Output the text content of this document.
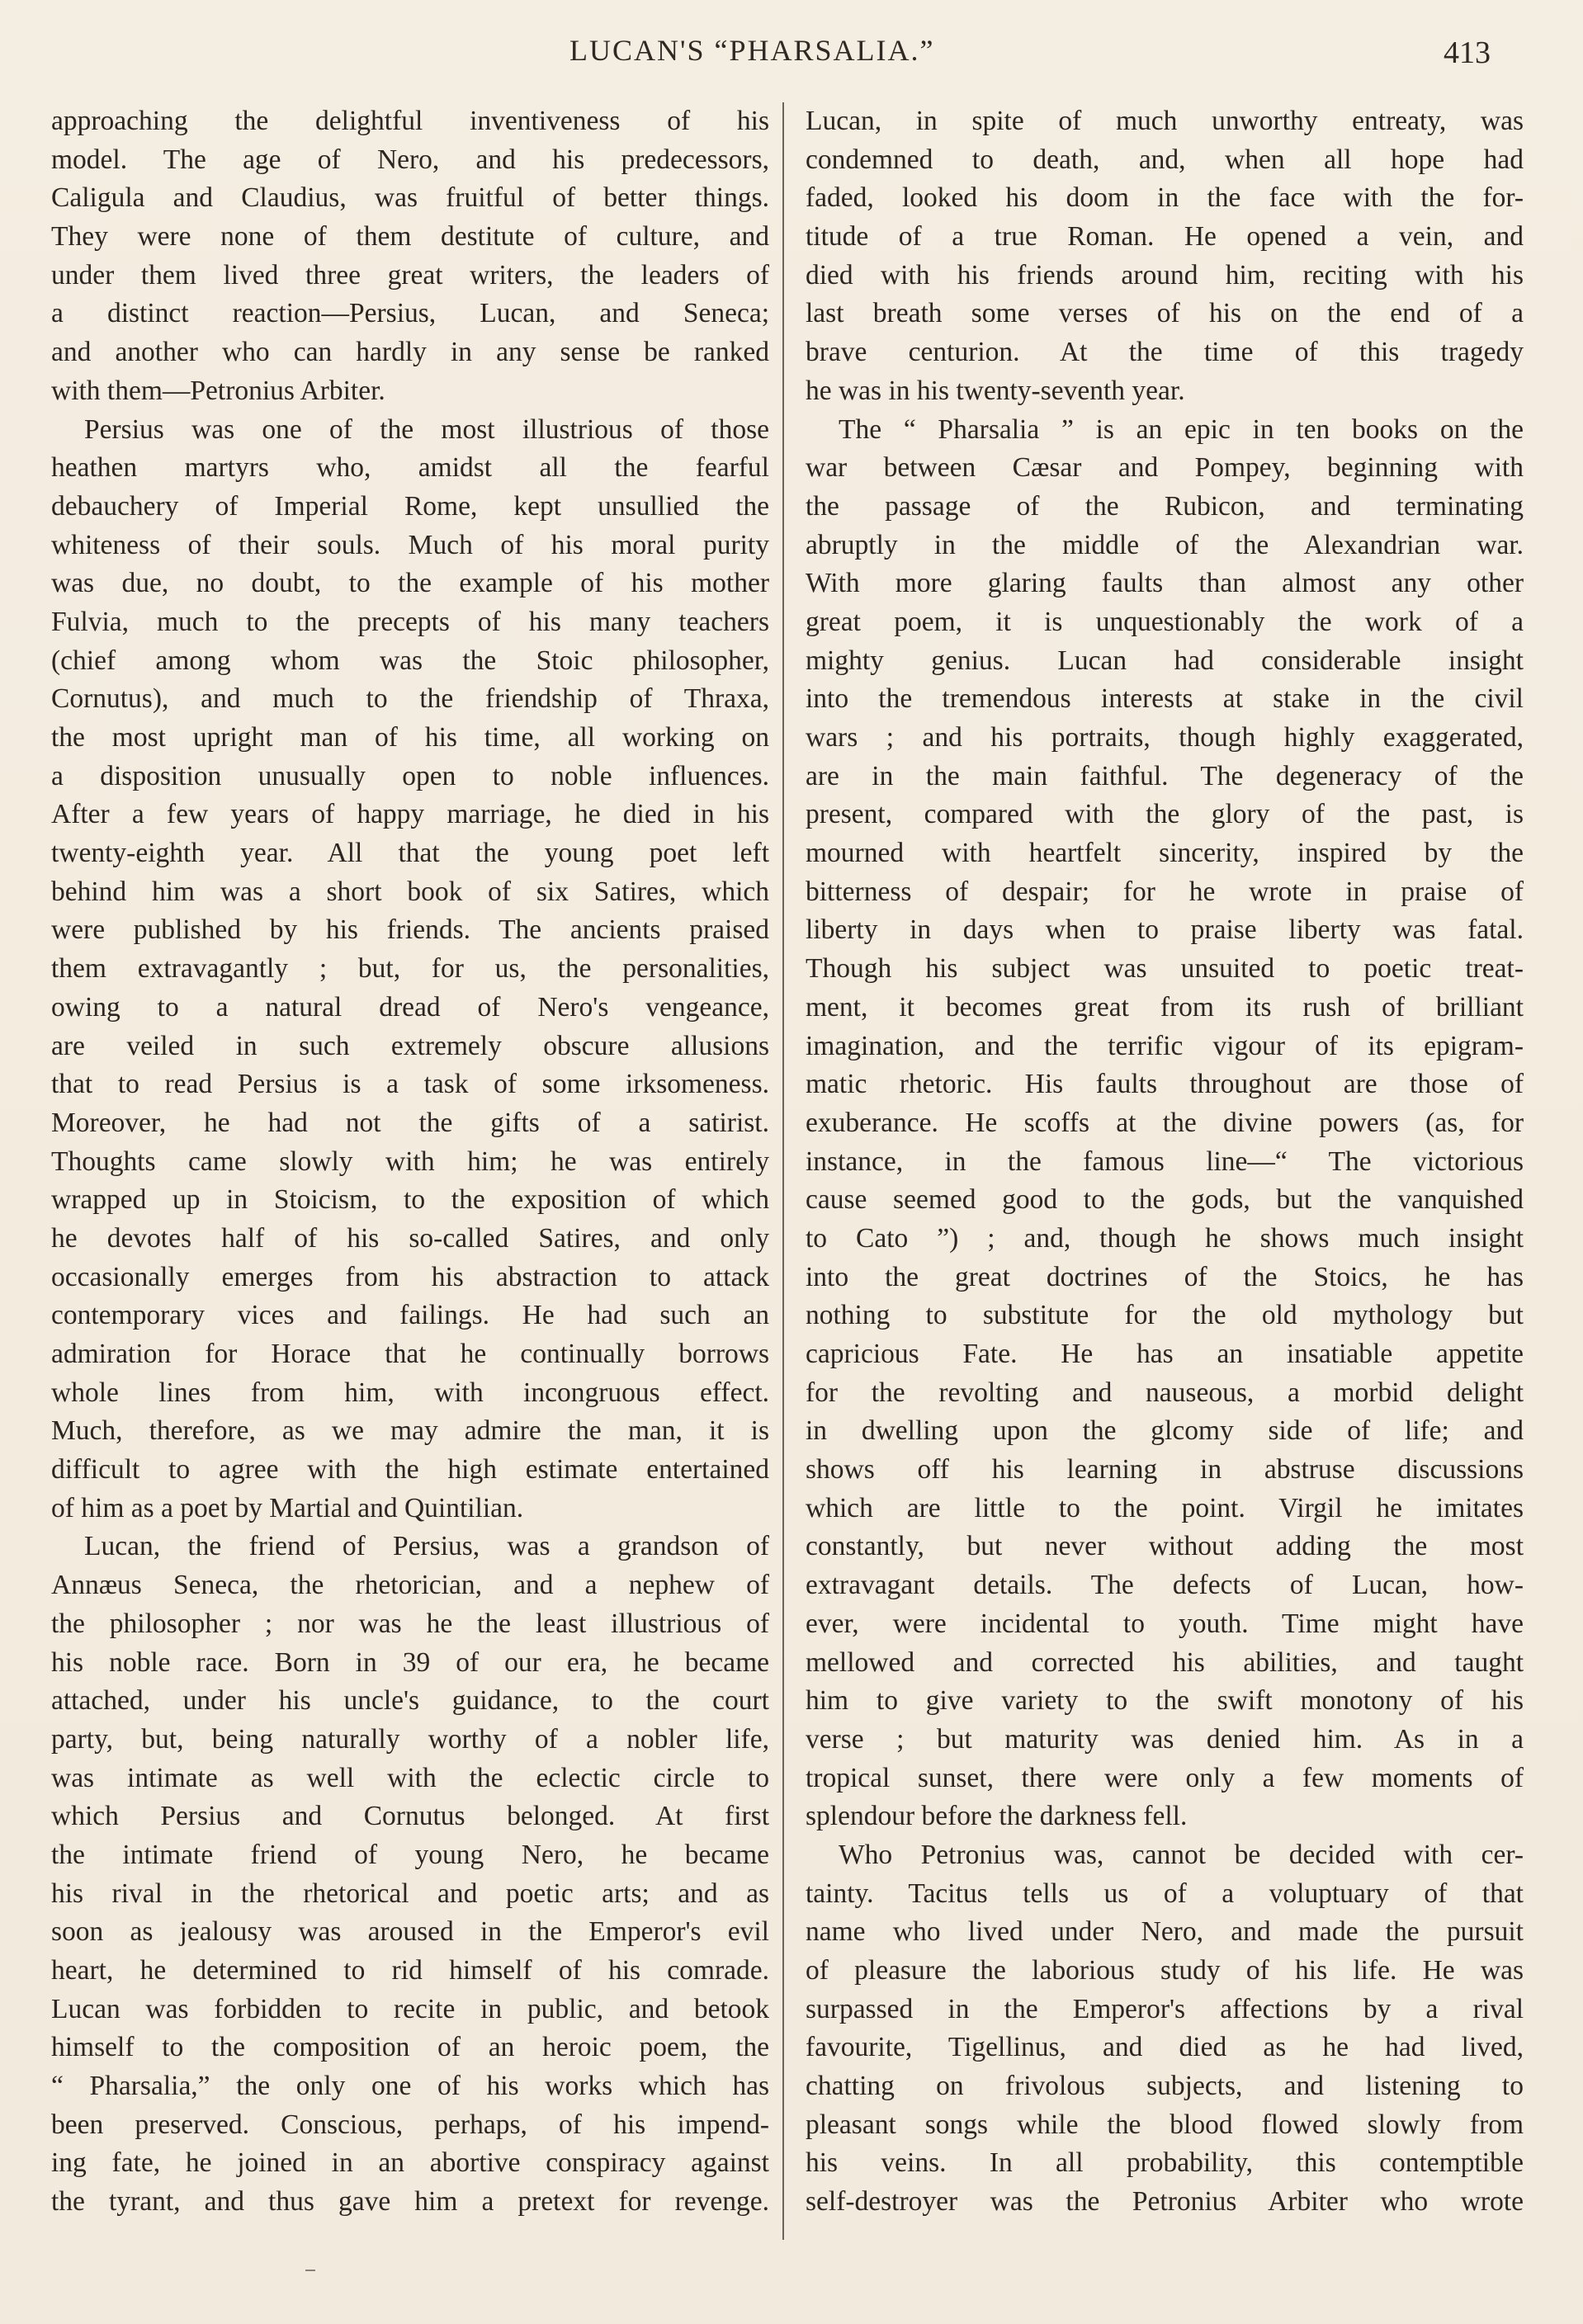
LUCAN'S “PHARSALIA.”	413
approaching the delightful inventiveness of his
model. The age of Nero, and his predecessors,
Caligula and Claudius, was fruitful of better things.
They were none of them destitute of culture, and
under them lived three great writers, the leaders of
a distinct reaction—Persius, Lucan, and Seneca;
and another who can hardly in any sense be ranked
with them—Petronius Arbiter.
Persius was one of the most illustrious of those
heathen martyrs who, amidst all the fearful
debauchery of Imperial Rome, kept unsullied the
whiteness of their souls. Much of his moral purity
was due, no doubt, to the example of his mother
Fulvia, much to the precepts of his many teachers
(chief among whom was the Stoic philosopher,
Cornutus), and much to the friendship of Thraxa,
the most upright man of his time, all working on
a disposition unusually open to noble influences.
After a few years of happy marriage, he died in his
twenty-eighth year. All that the young poet left
behind him was a short book of six Satires, which
were published by his friends. The ancients praised
them extravagantly ; but, for us, the personalities,
owing to a natural dread of Nero's vengeance,
are veiled in such extremely obscure allusions
that to read Persius is a task of some irksomeness.
Moreover, he had not the gifts of a satirist.
Thoughts came slowly with him; he was entirely
wrapped up in Stoicism, to the exposition of which
he devotes half of his so-called Satires, and only
occasionally emerges from his abstraction to attack
contemporary vices and failings. He had such an
admiration for Horace that he continually borrows
whole lines from him, with incongruous effect.
Much, therefore, as we may admire the man, it is
difficult to agree with the high estimate entertained
of him as a poet by Martial and Quintilian.
Lucan, the friend of Persius, was a grandson of
Annæus Seneca, the rhetorician, and a nephew of
the philosopher ; nor was he the least illustrious of
his noble race. Born in 39 of our era, he became
attached, under his uncle's guidance, to the court
party, but, being naturally worthy of a nobler life,
was intimate as well with the eclectic circle to
which Persius and Cornutus belonged. At first
the intimate friend of young Nero, he became
his rival in the rhetorical and poetic arts; and as
soon as jealousy was aroused in the Emperor's evil
heart, he determined to rid himself of his comrade.
Lucan was forbidden to recite in public, and betook
himself to the composition of an heroic poem, the
“ Pharsalia,” the only one of his works which has
been preserved. Conscious, perhaps, of his impend-
ing fate, he joined in an abortive conspiracy against
the tyrant, and thus gave him a pretext for revenge.
Lucan, in spite of much unworthy entreaty, was
condemned to death, and, when all hope had
faded, looked his doom in the face with the for-
titude of a true Roman. He opened a vein, and
died with his friends around him, reciting with his
last breath some verses of his on the end of a
brave centurion. At the time of this tragedy
he was in his twenty-seventh year.
The “ Pharsalia ” is an epic in ten books on the
war between Cæsar and Pompey, beginning with
the passage of the Rubicon, and terminating
abruptly in the middle of the Alexandrian war.
With more glaring faults than almost any other
great poem, it is unquestionably the work of a
mighty genius. Lucan had considerable insight
into the tremendous interests at stake in the civil
wars ; and his portraits, though highly exaggerated,
are in the main faithful. The degeneracy of the
present, compared with the glory of the past, is
mourned with heartfelt sincerity, inspired by the
bitterness of despair; for he wrote in praise of
liberty in days when to praise liberty was fatal.
Though his subject was unsuited to poetic treat-
ment, it becomes great from its rush of brilliant
imagination, and the terrific vigour of its epigram-
matic rhetoric. His faults throughout are those of
exuberance. He scoffs at the divine powers (as, for
instance, in the famous line—“ The victorious
cause seemed good to the gods, but the vanquished
to Cato ”) ; and, though he shows much insight
into the great doctrines of the Stoics, he has
nothing to substitute for the old mythology but
capricious Fate. He has an insatiable appetite
for the revolting and nauseous, a morbid delight
in dwelling upon the glcomy side of life; and
shows off his learning in abstruse discussions
which are little to the point. Virgil he imitates
constantly, but never without adding the most
extravagant details. The defects of Lucan, how-
ever, were incidental to youth. Time might have
mellowed and corrected his abilities, and taught
him to give variety to the swift monotony of his
verse ; but maturity was denied him. As in a
tropical sunset, there were only a few moments of
splendour before the darkness fell.
Who Petronius was, cannot be decided with cer-
tainty. Tacitus tells us of a voluptuary of that
name who lived under Nero, and made the pursuit
of pleasure the laborious study of his life. He was
surpassed in the Emperor's affections by a rival
favourite, Tigellinus, and died as he had lived,
chatting on frivolous subjects, and listening to
pleasant songs while the blood flowed slowly from
his veins. In all probability, this contemptible
self-destroyer was the Petronius Arbiter who wrote
